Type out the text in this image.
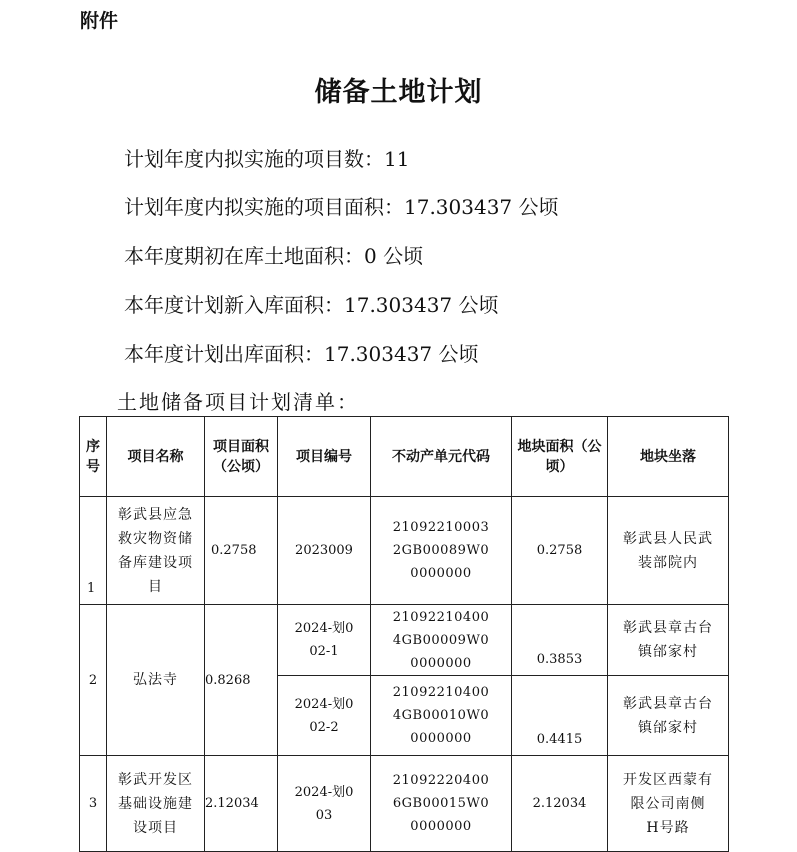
附件
储备土地计划
计划年度内拟实施的项目数：11
计划年度内拟实施的项目面积：17.303437 公顷
本年度期初在库土地面积：0 公顷
本年度计划新入库面积：17.303437 公顷
本年度计划出库面积：17.303437 公顷
土地储备项目计划清单：
序号	项目名称	项目面积（公顷）	项目编号	不动产单元代码	地块面积（公顷）	地块坐落
1	彰武县应急救灾物资储备库建设项目	0.2758	2023009	210922100032GB00089W00000000	0.2758	彰武县人民武装部院内

2	弘法寺	0.8268	2024-划002-1	210922104004GB00009W00000000	0.3853	彰武县章古台镇邰家村

			2024-划002-2	210922104004GB00010W00000000	0.4415	彰武县章古台镇邰家村

3	彰武开发区基础设施建设项目	2.12034	2024-划003	210922204006GB00015W00000000	2.12034	开发区西蒙有限公司南侧 H号路
